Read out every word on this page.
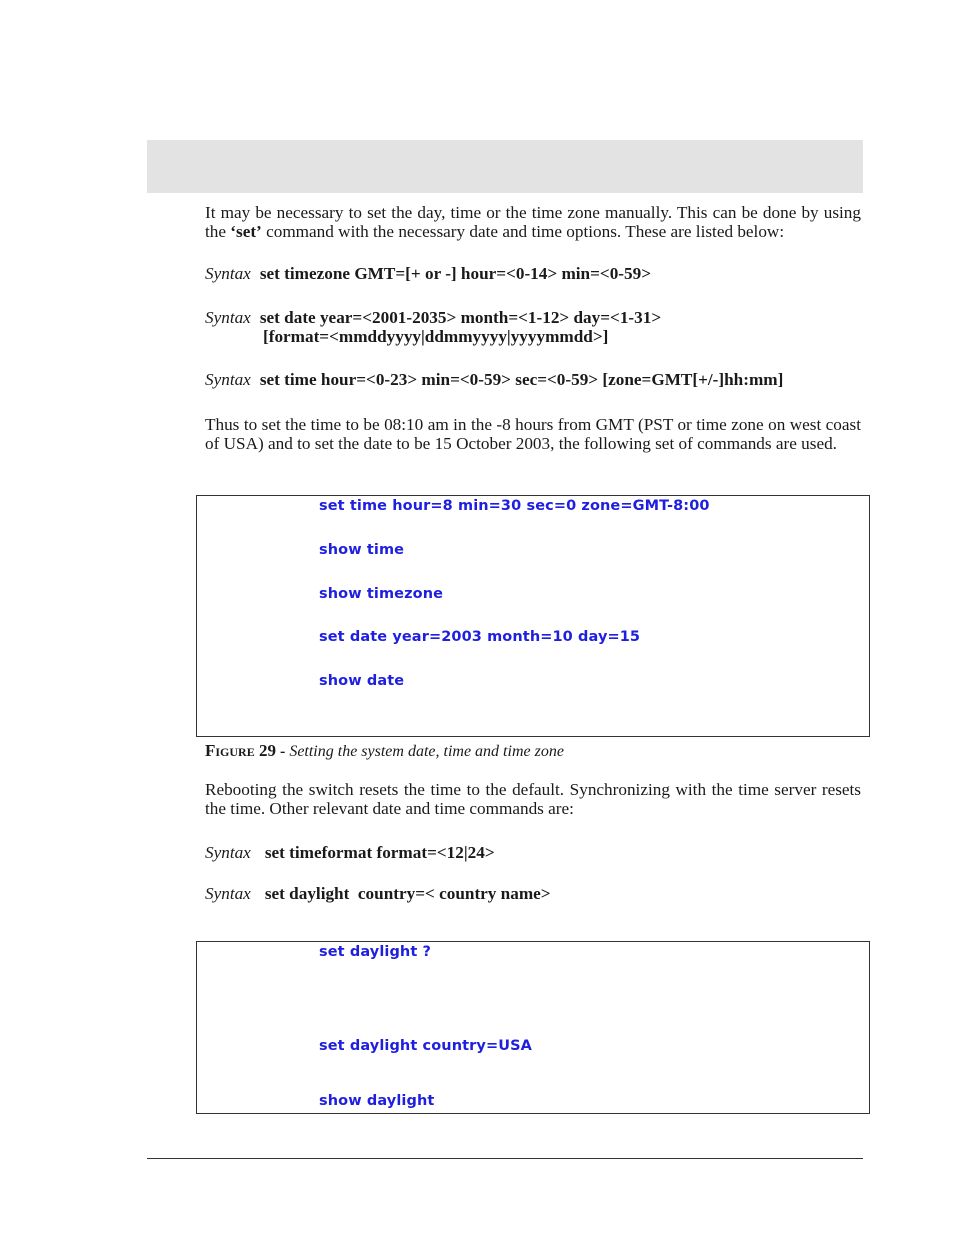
It may be necessary to set the day, time or the time zone manually. This can be done by using the ‘set’ command with the necessary date and time options. These are listed below:
Syntax set timezone GMT=[+ or -] hour=<0-14> min=<0-59>
Syntax set date year=<2001-2035> month=<1-12> day=<1-31>
[format=<mmddyyyy|ddmmyyyy|yyyymmdd>]
Syntax set time hour=<0-23> min=<0-59> sec=<0-59> [zone=GMT[+/-]hh:mm]
Thus to set the time to be 08:10 am in the -8 hours from GMT (PST or time zone on west coast of USA) and to set the date to be 15 October 2003, the following set of commands are used.
set time hour=8 min=30 sec=0 zone=GMT-8:00
show time
show timezone
set date year=2003 month=10 day=15
show date
Figure 29 - Setting the system date, time and time zone
Rebooting the switch resets the time to the default. Synchronizing with the time server resets the time. Other relevant date and time commands are:
Syntax set timeformat format=<12|24>
Syntax set daylight  country=< country name>
set daylight ?
set daylight country=USA
show daylight
